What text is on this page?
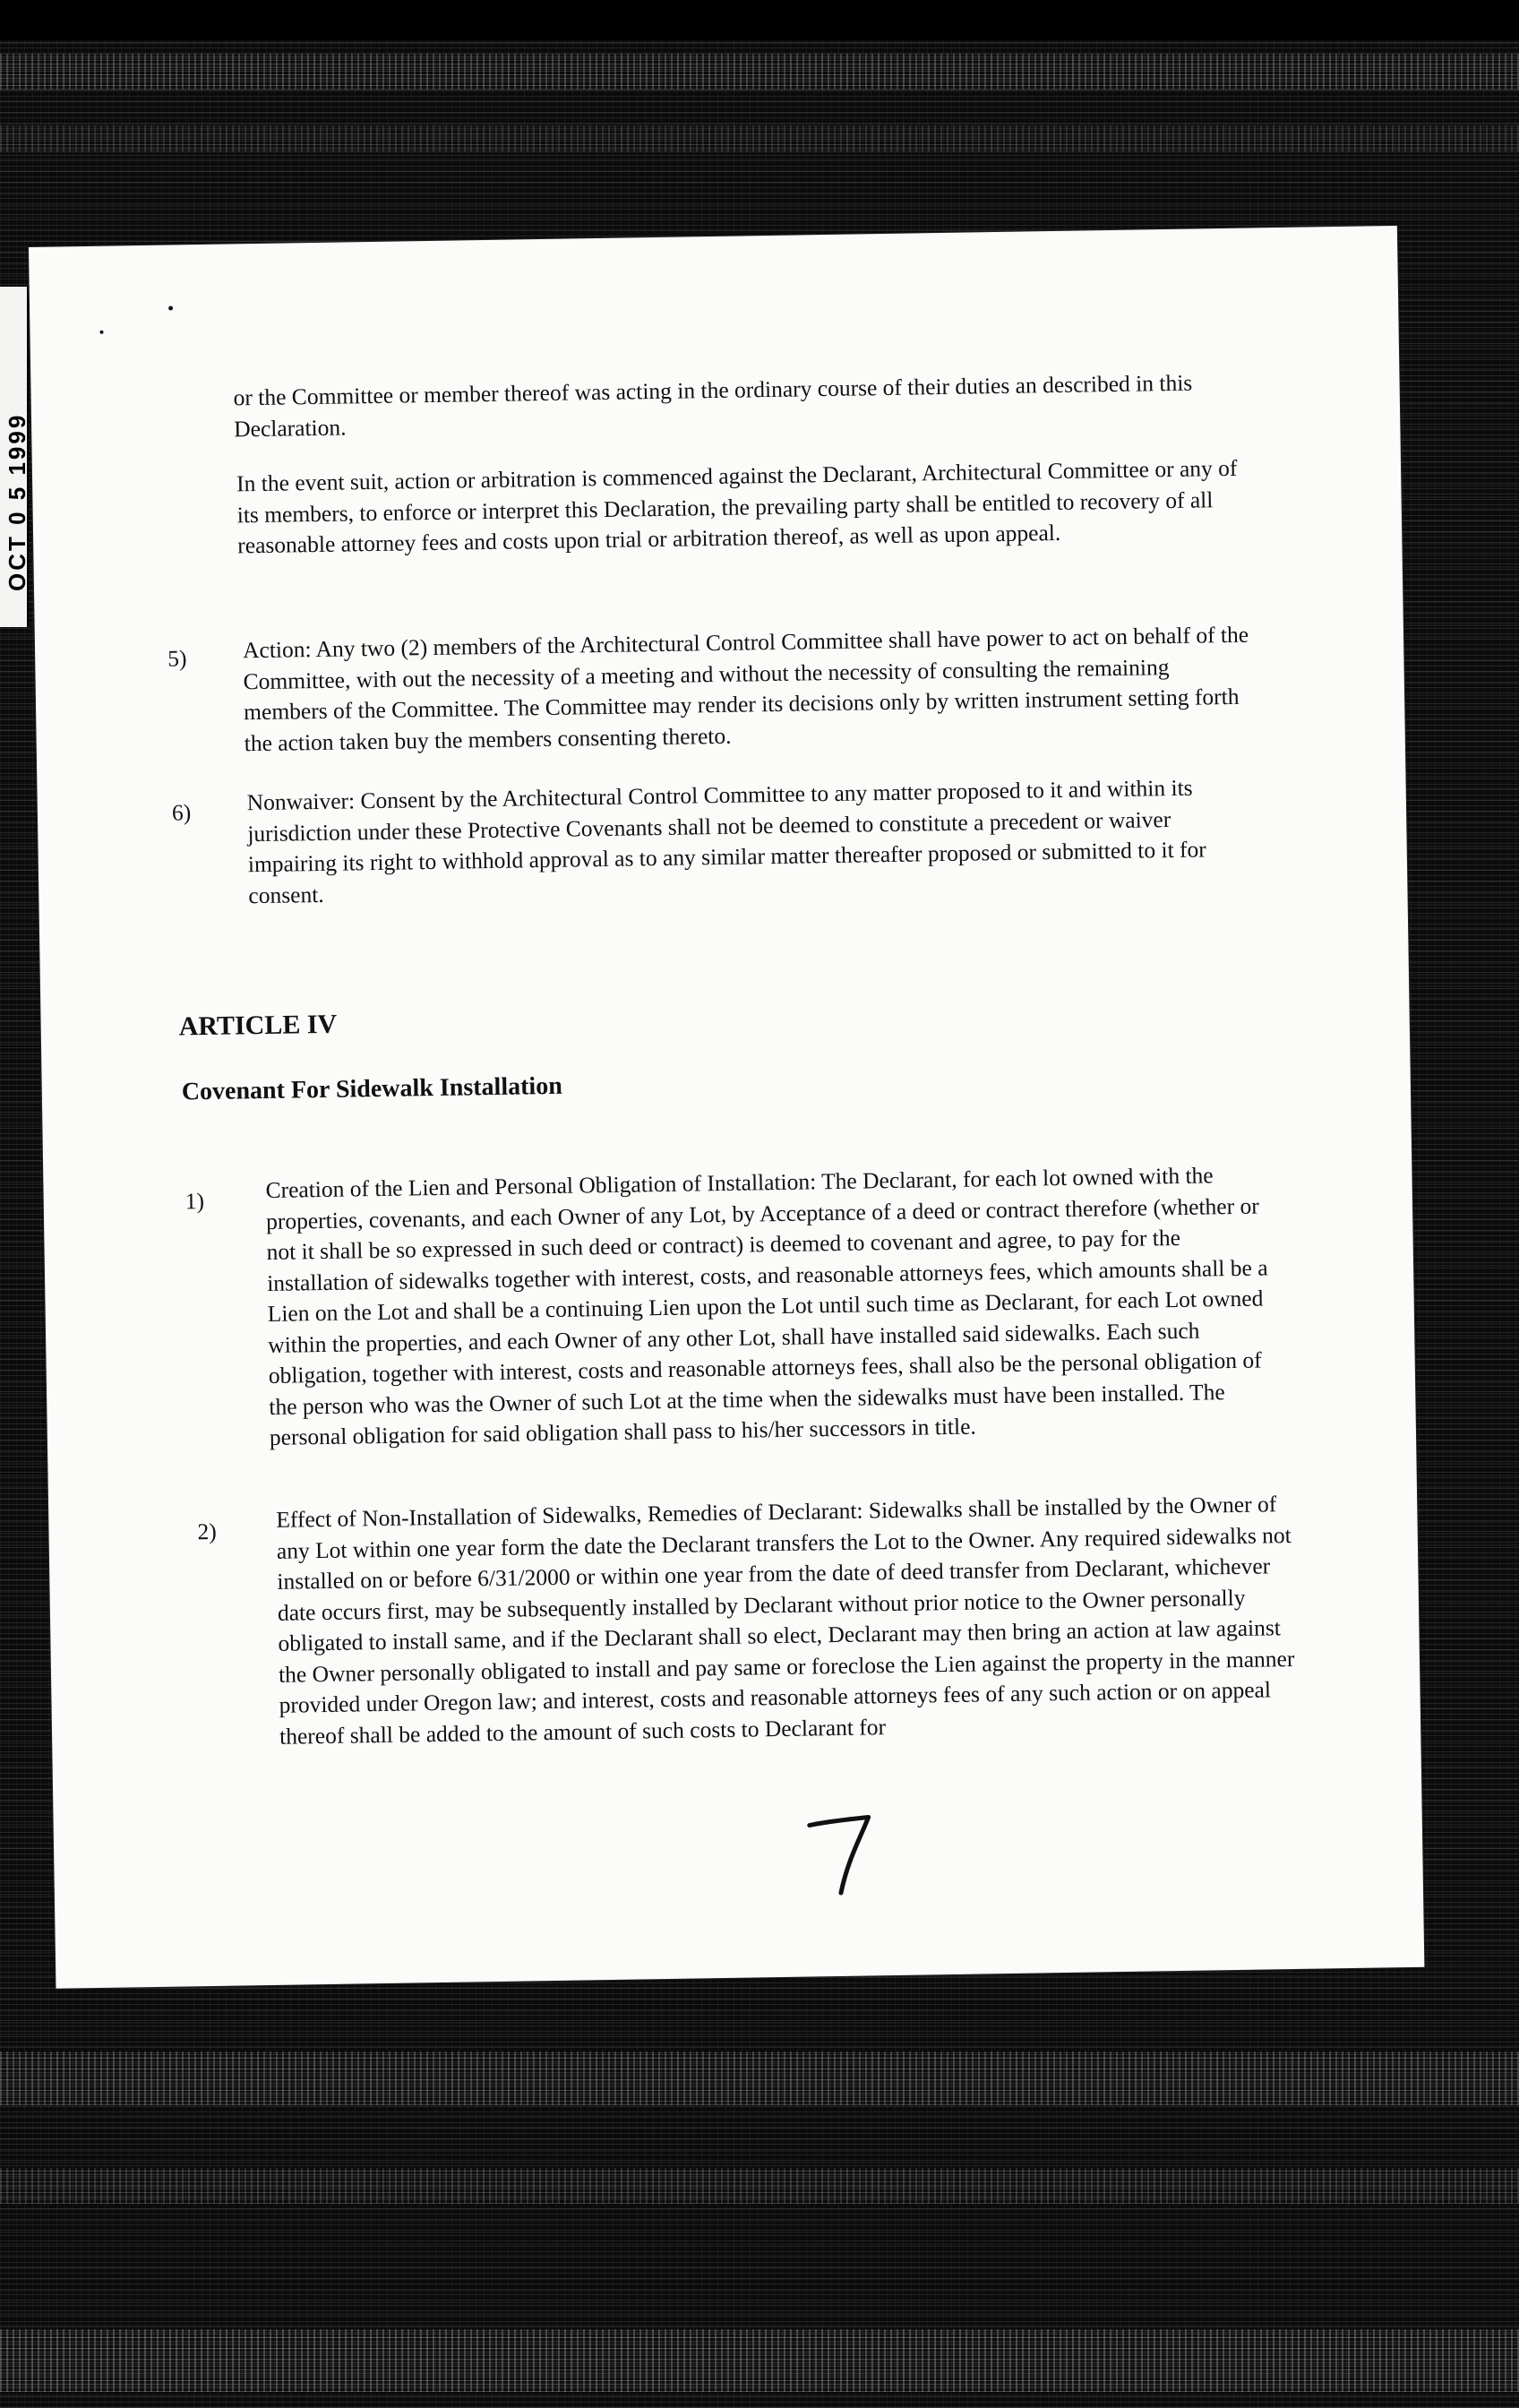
OCT 0 5 1999
or the Committee or member thereof was acting in the ordinary course of their duties an described in this Declaration.
In the event suit, action or arbitration is commenced against the Declarant, Architectural Committee or any of its members, to enforce or interpret this Declaration, the prevailing party shall be entitled to recovery of all reasonable attorney fees and costs upon trial or arbitration thereof, as well as upon appeal.
5) Action: Any two (2) members of the Architectural Control Committee shall have power to act on behalf of the Committee, with out the necessity of a meeting and without the necessity of consulting the remaining members of the Committee. The Committee may render its decisions only by written instrument setting forth the action taken buy the members consenting thereto.
6) Nonwaiver: Consent by the Architectural Control Committee to any matter proposed to it and within its jurisdiction under these Protective Covenants shall not be deemed to constitute a precedent or waiver impairing its right to withhold approval as to any similar matter thereafter proposed or submitted to it for consent.
ARTICLE IV
Covenant For Sidewalk Installation
1)	Creation of the Lien and Personal Obligation of Installation: The Declarant, for each lot owned with the properties, covenants, and each Owner of any Lot, by Acceptance of a deed or contract therefore (whether or not it shall be so expressed in such deed or contract) is deemed to covenant and agree, to pay for the installation of sidewalks together with interest, costs, and reasonable attorneys fees, which amounts shall be a Lien on the Lot and shall be a continuing Lien upon the Lot until such time as Declarant, for each Lot owned within the properties, and each Owner of any other Lot, shall have installed said sidewalks. Each such obligation, together with interest, costs and reasonable attorneys fees, shall also be the personal obligation of the person who was the Owner of such Lot at the time when the sidewalks must have been installed. The personal obligation for said obligation shall pass to his/her successors in title.
2)	Effect of Non-Installation of Sidewalks, Remedies of Declarant: Sidewalks shall be installed by the Owner of any Lot within one year form the date the Declarant transfers the Lot to the Owner. Any required sidewalks not installed on or before 6/31/2000 or within one year from the date of deed transfer from Declarant, whichever date occurs first, may be subsequently installed by Declarant without prior notice to the Owner personally obligated to install same, and if the Declarant shall so elect, Declarant may then bring an action at law against the Owner personally obligated to install and pay same or foreclose the Lien against the property in the manner provided under Oregon law; and interest, costs and reasonable attorneys fees of any such action or on appeal thereof shall be added to the amount of such costs to Declarant for
